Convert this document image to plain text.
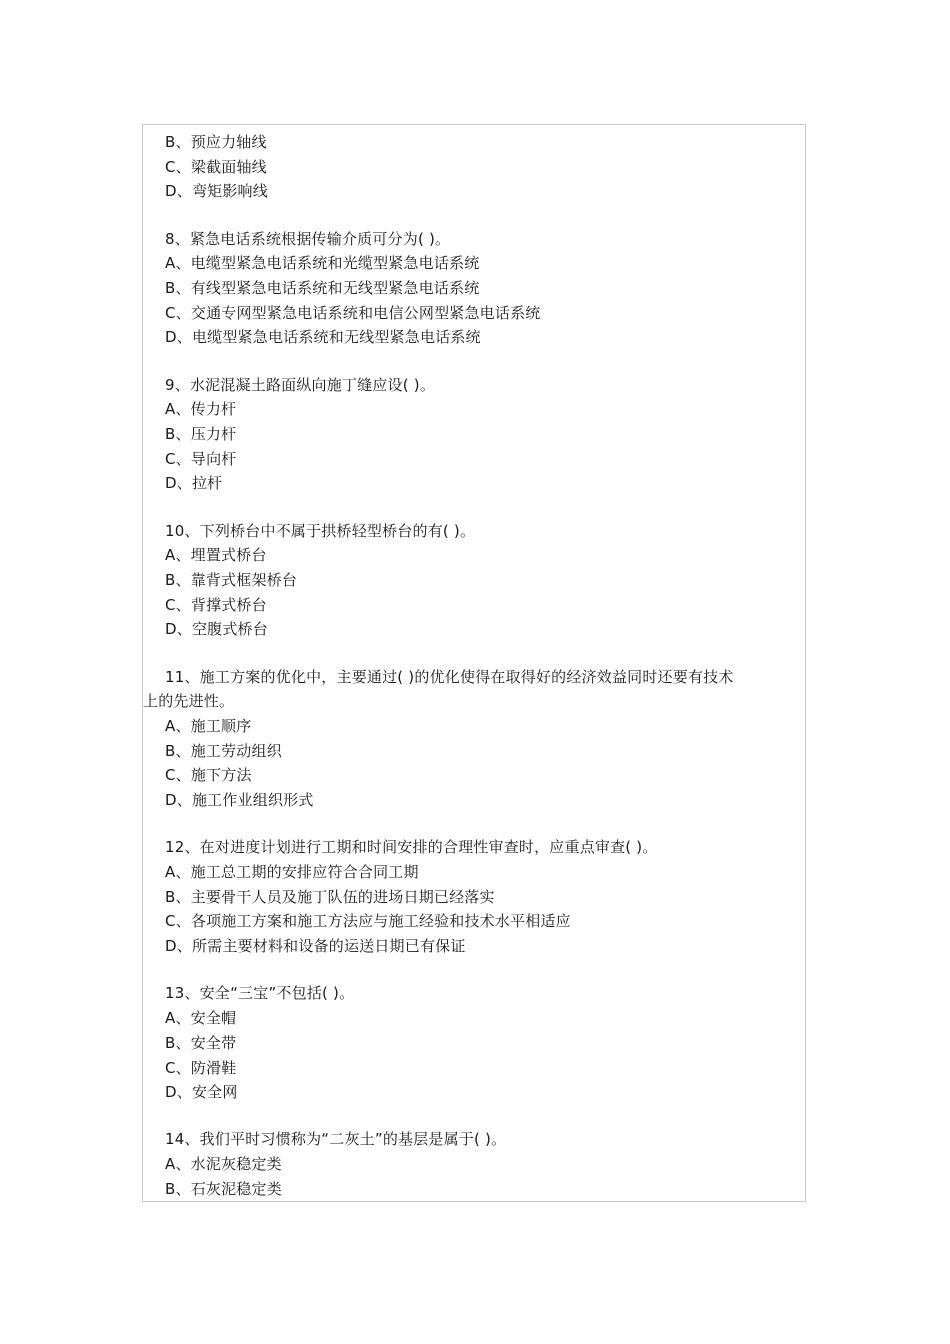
B、预应力轴线
C、梁截面轴线
D、弯矩影响线
8、紧急电话系统根据传输介质可分为( )。
A、电缆型紧急电话系统和光缆型紧急电话系统
B、有线型紧急电话系统和无线型紧急电话系统
C、交通专网型紧急电话系统和电信公网型紧急电话系统
D、电缆型紧急电话系统和无线型紧急电话系统
9、水泥混凝土路面纵向施丁缝应设( )。
A、传力杆
B、压力杆
C、导向杆
D、拉杆
10、下列桥台中不属于拱桥轻型桥台的有( )。
A、埋置式桥台
B、靠背式框架桥台
C、背撑式桥台
D、空腹式桥台
11、施工方案的优化中，主要通过( )的优化使得在取得好的经济效益同时还要有技术
上的先进性。
A、施工顺序
B、施工劳动组织
C、施下方法
D、施工作业组织形式
12、在对进度计划进行工期和时间安排的合理性审查时，应重点审查( )。
A、施工总工期的安排应符合合同工期
B、主要骨干人员及施丁队伍的进场日期已经落实
C、各项施工方案和施工方法应与施工经验和技术水平相适应
D、所需主要材料和设备的运送日期已有保证
13、安全“三宝”不包括( )。
A、安全帽
B、安全带
C、防滑鞋
D、安全网
14、我们平时习惯称为“二灰土”的基层是属于( )。
A、水泥灰稳定类
B、石灰泥稳定类
